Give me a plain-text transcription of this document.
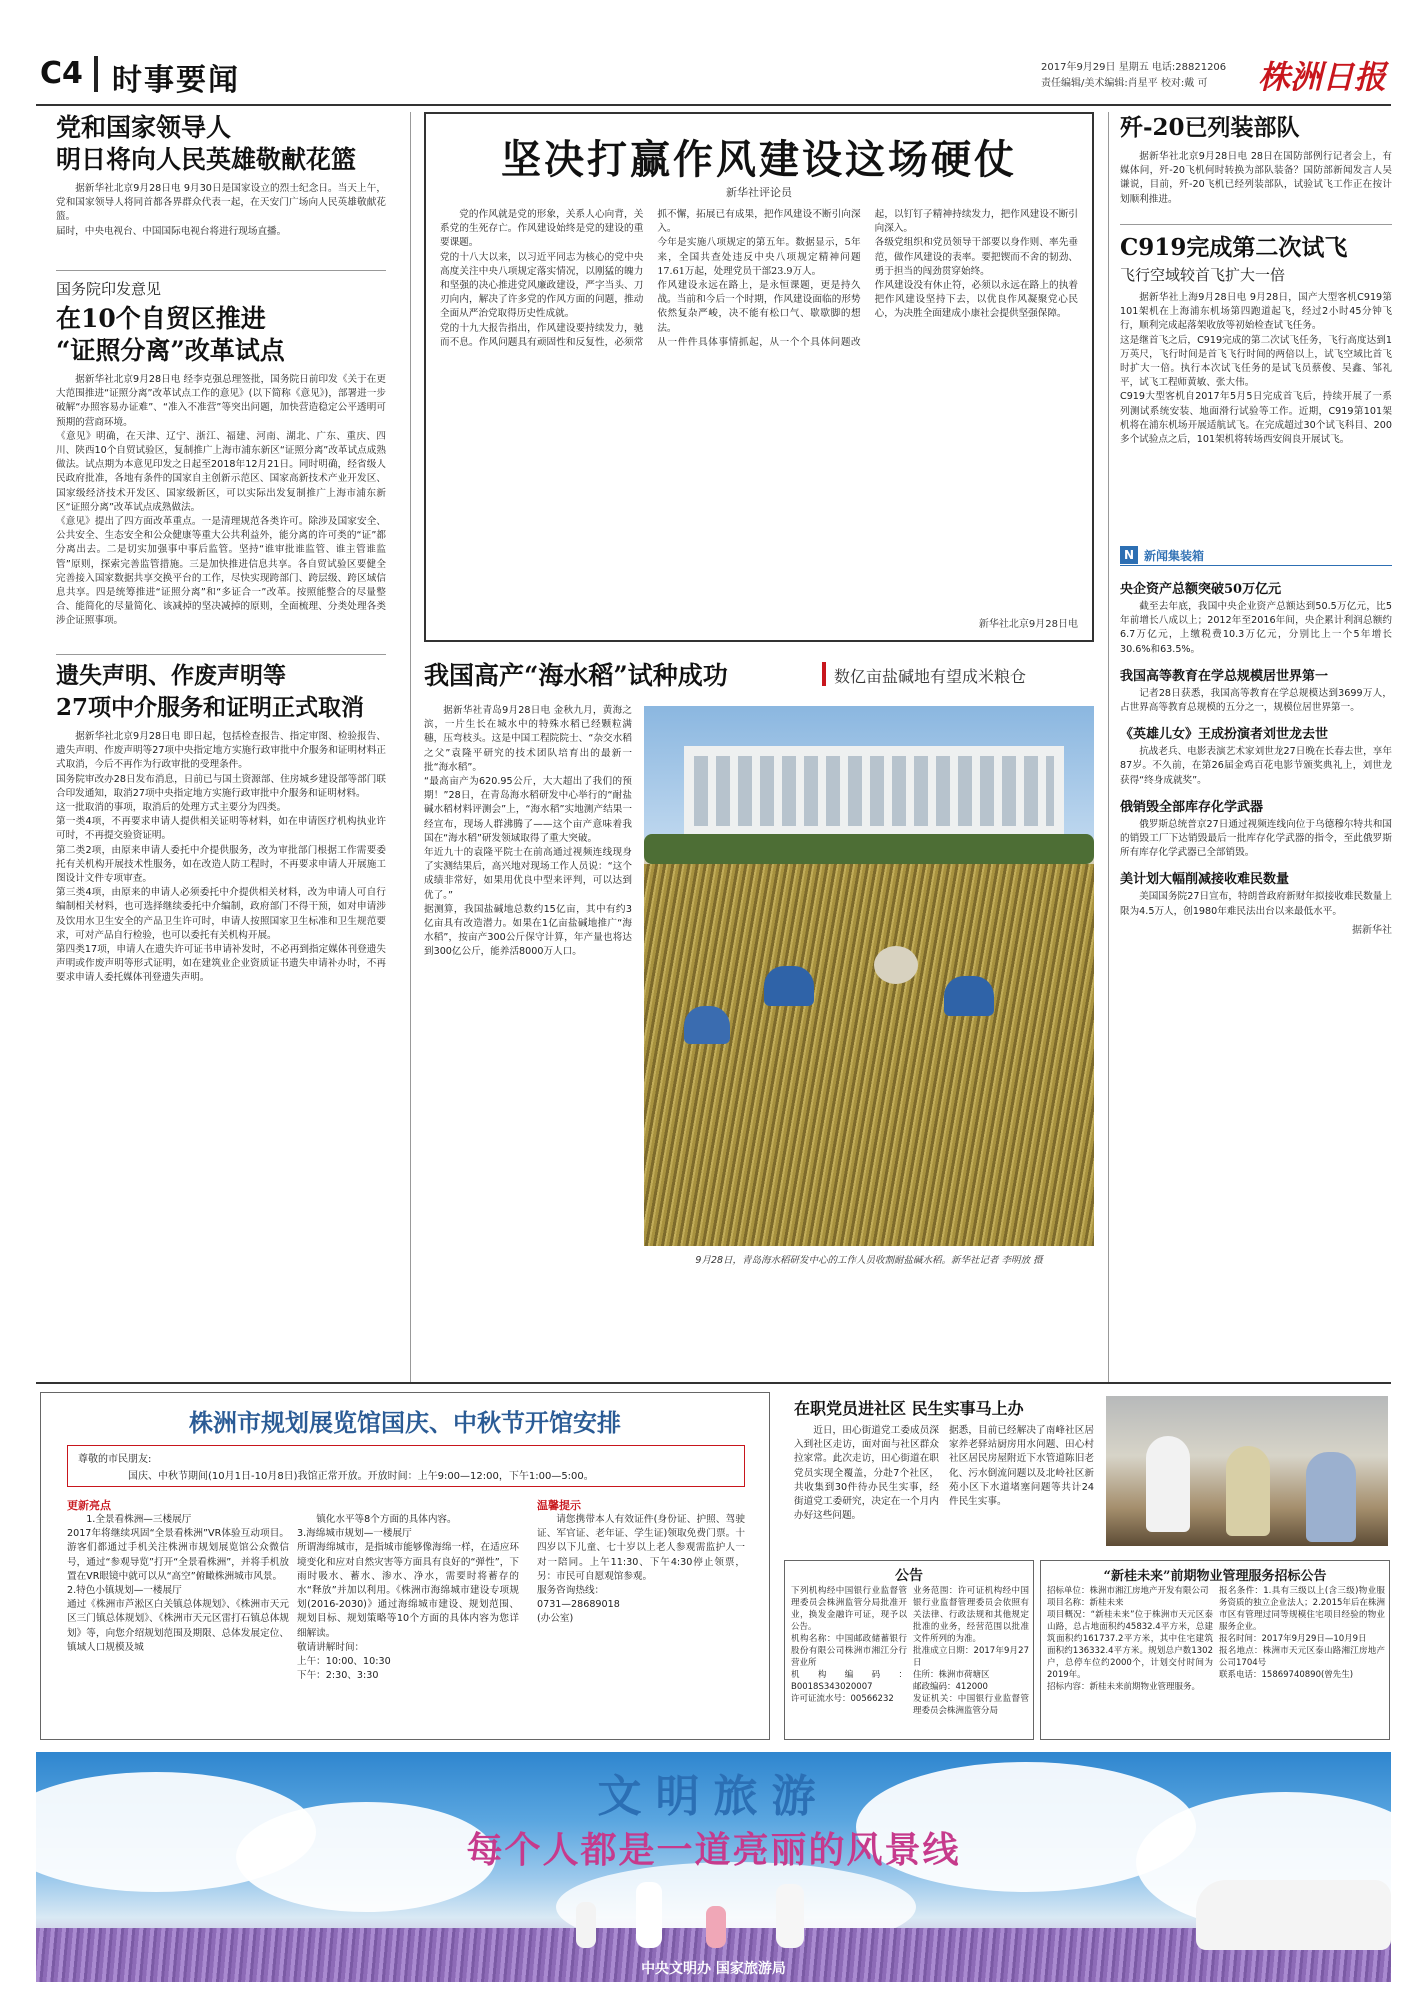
C4 时事要闻	2017年9月29日 星期五 电话:28821206
责任编辑/美术编辑:肖星平 校对:戴 可 株洲日报
党和国家领导人
明日将向人民英雄敬献花篮
据新华社北京9月28日电 9月30日是国家设立的烈士纪念日。当天上午，党和国家领导人将同首都各界群众代表一起，在天安门广场向人民英雄敬献花篮。
届时，中央电视台、中国国际电视台将进行现场直播。
国务院印发意见
在10个自贸区推进
“证照分离”改革试点
据新华社北京9月28日电 经李克强总理签批，国务院日前印发《关于在更大范围推进“证照分离”改革试点工作的意见》(以下简称《意见》)，部署进一步破解“办照容易办证难”、“准入不准营”等突出问题，加快营造稳定公平透明可预期的营商环境。
《意见》明确，在天津、辽宁、浙江、福建、河南、湖北、广东、重庆、四川、陕西10个自贸试验区，复制推广上海市浦东新区“证照分离”改革试点成熟做法。试点期为本意见印发之日起至2018年12月21日。同时明确，经省级人民政府批准，各地有条件的国家自主创新示范区、国家高新技术产业开发区、国家级经济技术开发区、国家级新区，可以实际出发复制推广上海市浦东新区“证照分离”改革试点成熟做法。
《意见》提出了四方面改革重点。一是清理规范各类许可。除涉及国家安全、公共安全、生态安全和公众健康等重大公共利益外，能分离的许可类的“证”都分离出去。二是切实加强事中事后监管。坚持“谁审批谁监管、谁主管谁监管”原则，探索完善监管措施。三是加快推进信息共享。各自贸试验区要健全完善接入国家数据共享交换平台的工作，尽快实现跨部门、跨层级、跨区域信息共享。四是统筹推进“证照分离”和“多证合一”改革。按照能整合的尽量整合、能简化的尽量简化、该减掉的坚决减掉的原则，全面梳理、分类处理各类涉企证照事项。
遗失声明、作废声明等
27项中介服务和证明正式取消
据新华社北京9月28日电 即日起，包括检查报告、指定审图、检验报告、遗失声明、作废声明等27项中央指定地方实施行政审批中介服务和证明材料正式取消，今后不再作为行政审批的受理条件。
国务院审改办28日发布消息，日前已与国土资源部、住房城乡建设部等部门联合印发通知，取消27项中央指定地方实施行政审批中介服务和证明材料。
这一批取消的事项，取消后的处理方式主要分为四类。
第一类4项，不再要求申请人提供相关证明等材料，如在申请医疗机构执业许可时，不再提交验资证明。
第二类2项，由原来申请人委托中介提供服务，改为审批部门根据工作需要委托有关机构开展技术性服务，如在改造人防工程时，不再要求申请人开展施工图设计文件专项审查。
第三类4项，由原来的申请人必须委托中介提供相关材料，改为申请人可自行编制相关材料，也可选择继续委托中介编制，政府部门不得干预，如对申请涉及饮用水卫生安全的产品卫生许可时，申请人按照国家卫生标准和卫生规范要求，可对产品自行检验，也可以委托有关机构开展。
第四类17项，申请人在遗失许可证书申请补发时，不必再到指定媒体刊登遗失声明或作废声明等形式证明，如在建筑业企业资质证书遗失申请补办时，不再要求申请人委托媒体刊登遗失声明。
坚决打赢作风建设这场硬仗
新华社评论员
党的作风就是党的形象，关系人心向背，关系党的生死存亡。作风建设始终是党的建设的重要课题。
党的十八大以来，以习近平同志为核心的党中央高度关注中央八项规定落实情况，以刚猛的魄力和坚强的决心推进党风廉政建设，严字当头、刀刃向内，解决了许多党的作风方面的问题，推动全面从严治党取得历史性成就。
党的十九大报告指出，作风建设要持续发力，驰而不息。作风问题具有顽固性和反复性，必须常抓不懈，拓展已有成果，把作风建设不断引向深入。
今年是实施八项规定的第五年。数据显示，5年来，全国共查处违反中央八项规定精神问题17.61万起，处理党员干部23.9万人。
作风建设永远在路上，是永恒课题，更是持久战。当前和今后一个时期，作风建设面临的形势依然复杂严峻，决不能有松口气、歇歇脚的想法。
从一件件具体事情抓起，从一个个具体问题改起，以钉钉子精神持续发力，把作风建设不断引向深入。
各级党组织和党员领导干部要以身作则、率先垂范，做作风建设的表率。要把锲而不舍的韧劲、勇于担当的闯劲贯穿始终。
作风建设没有休止符，必须以永远在路上的执着把作风建设坚持下去，以优良作风凝聚党心民心，为决胜全面建成小康社会提供坚强保障。
新华社北京9月28日电
我国高产“海水稻”试种成功	数亿亩盐碱地有望成米粮仓
据新华社青岛9月28日电 金秋九月，黄海之滨，一片生长在城水中的特殊水稻已经颗粒满穗，压弯枝头。这是中国工程院院士、“杂交水稻之父”袁隆平研究的技术团队培育出的最新一批“海水稻”。
“最高亩产为620.95公斤，大大超出了我们的预期！”28日，在青岛海水稻研发中心举行的“耐盐碱水稻材料评测会”上，“海水稻”实地测产结果一经宣布，现场人群沸腾了——这个亩产意味着我国在“海水稻”研发领域取得了重大突破。
年近九十的袁隆平院士在前高通过视频连线现身了实测结果后，高兴地对现场工作人员说：“这个成绩非常好，如果用优良中型来评判，可以达到优了。”
据测算，我国盐碱地总数约15亿亩，其中有约3亿亩具有改造潜力。如果在1亿亩盐碱地推广“海水稻”，按亩产300公斤保守计算，年产量也将达到300亿公斤，能养活8000万人口。
9月28日，青岛海水稻研发中心的工作人员收割耐盐碱水稻。新华社记者 李明放 摄
歼-20已列装部队
据新华社北京9月28日电 28日在国防部例行记者会上，有媒体问，歼-20飞机何时转换为部队装备？国防部新闻发言人吴谦说，目前，歼-20飞机已经列装部队，试验试飞工作正在按计划顺利推进。
C919完成第二次试飞
飞行空域较首飞扩大一倍
据新华社上海9月28日电 9月28日，国产大型客机C919第101架机在上海浦东机场第四跑道起飞，经过2小时45分钟飞行，顺利完成起落架收放等初始检查试飞任务。
这是继首飞之后，C919完成的第二次试飞任务，飞行高度达到1万英尺，飞行时间是首飞飞行时间的两倍以上，试飞空域比首飞时扩大一倍。执行本次试飞任务的是试飞员蔡俊、吴鑫、邹礼平，试飞工程师黄敏、张大伟。
C919大型客机自2017年5月5日完成首飞后，持续开展了一系列测试系统安装、地面滑行试验等工作。近期，C919第101架机将在浦东机场开展适航试飞。在完成超过30个试飞科目、200多个试验点之后，101架机将转场西安阎良开展试飞。
N 新闻集装箱
央企资产总额突破50万亿元
截至去年底，我国中央企业资产总额达到50.5万亿元，比5年前增长八成以上；2012年至2016年间，央企累计利润总额约6.7万亿元，上缴税费10.3万亿元，分别比上一个5年增长30.6%和63.5%。
我国高等教育在学总规模居世界第一
记者28日获悉，我国高等教育在学总规模达到3699万人，占世界高等教育总规模的五分之一，规模位居世界第一。
《英雄儿女》王成扮演者刘世龙去世
抗战老兵、电影表演艺术家刘世龙27日晚在长春去世，享年87岁。不久前，在第26届金鸡百花电影节颁奖典礼上，刘世龙获得“终身成就奖”。
俄销毁全部库存化学武器
俄罗斯总统普京27日通过视频连线向位于乌德穆尔特共和国的销毁工厂下达销毁最后一批库存化学武器的指令，至此俄罗斯所有库存化学武器已全部销毁。
美计划大幅削减接收难民数量
美国国务院27日宣布，特朗普政府新财年拟接收难民数量上限为4.5万人，创1980年难民法出台以来最低水平。
据新华社
株洲市规划展览馆国庆、中秋节开馆安排
尊敬的市民朋友:
国庆、中秋节期间(10月1日-10月8日)我馆正常开放。开放时间：上午9:00—12:00，下午1:00—5:00。
更新亮点
1.全景看株洲—三楼展厅
2017年将继续巩固“全景看株洲”VR体验互动项目。游客们都通过手机关注株洲市规划展览馆公众微信号，通过“参观导览”打开“全景看株洲”，并将手机放置在VR眼镜中就可以从“高空”俯瞰株洲城市风景。
2.特色小镇规划—一楼展厅
通过《株洲市芦淞区白关镇总体规划》、《株洲市天元区三门镇总体规划》、《株洲市天元区雷打石镇总体规划》等，向您介绍规划范围及期限、总体发展定位、镇域人口规模及城
镇化水平等8个方面的具体内容。
3.海绵城市规划—一楼展厅
所谓海绵城市，是指城市能够像海绵一样，在适应环境变化和应对自然灾害等方面具有良好的“弹性”，下雨时吸水、蓄水、渗水、净水，需要时将蓄存的水“释放”并加以利用。《株洲市海绵城市建设专项规划(2016-2030)》通过海绵城市建设、规划范围、规划目标、规划策略等10个方面的具体内容为您详细解读。
敬请讲解时间：
上午：10:00、10:30
下午：2:30、3:30
温馨提示
请您携带本人有效证件(身份证、护照、驾驶证、军官证、老年证、学生证)领取免费门票。十四岁以下儿童、七十岁以上老人参观需监护人一对一陪同。上午11:30、下午4:30停止领票，另：市民可自愿观馆参观。
服务咨询热线：
0731—28689018
(办公室)
在职党员进社区 民生实事马上办
近日，田心街道党工委成员深入到社区走访，面对面与社区群众拉家常。此次走访，田心街道在职党员实现全覆盖，分赴7个社区，共收集到30件待办民生实事，经街道党工委研究，决定在一个月内办好这些问题。
据悉，目前已经解决了南峰社区居家养老驿站厨房用水问题、田心村社区居民房屋附近下水管道陈旧老化、污水倒流问题以及北岭社区新苑小区下水道堵塞问题等共计24件民生实事。
公告
下列机构经中国银行业监督管理委员会株洲监管分局批准开业，换发金融许可证，现予以公告。
机构名称：中国邮政储蓄银行股份有限公司株洲市湘江分行营业所
机构编码：B0018S343020007
许可证流水号：00566232
业务范围：许可证机构经中国银行业监督管理委员会依照有关法律、行政法规和其他规定批准的业务，经营范围以批准文件所列的为准。
批准成立日期：2017年9月27日
住所：株洲市荷塘区
邮政编码：412000
发证机关：中国银行业监督管理委员会株洲监管分局
“新桂未来”前期物业管理服务招标公告
招标单位：株洲市湘江房地产开发有限公司
项目名称：新桂未来
项目概况：“新桂未来”位于株洲市天元区泰山路，总占地面积约45832.4平方米，总建筑面积约161737.2平方米，其中住宅建筑面积约136332.4平方米。规划总户数1302户，总停车位约2000个，计划交付时间为2019年。
招标内容：新桂未来前期物业管理服务。
报名条件：1.具有三级以上(含三级)物业服务资质的独立企业法人；2.2015年后在株洲市区有管理过同等规模住宅项目经验的物业服务企业。
报名时间：2017年9月29日—10月9日
报名地点：株洲市天元区泰山路湘江房地产公司1704号
联系电话：15869740890(曾先生)
文明旅游
每个人都是一道亮丽的风景线
中央文明办 国家旅游局
